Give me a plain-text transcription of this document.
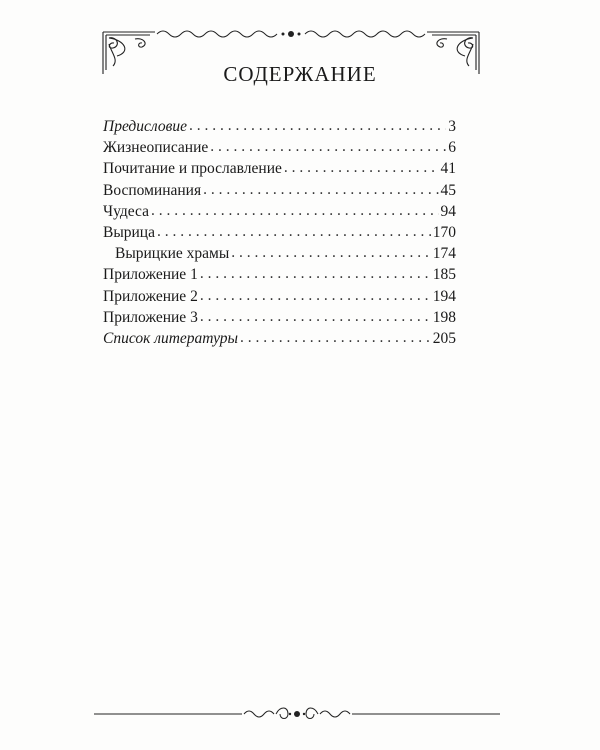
СОДЕРЖАНИЕ
Предисловие . . .	3
Жизнеописание . . .	6
Почитание и прославление . . .	41
Воспоминания . . .	45
Чудеса . . .	94
Вырица . . .	170
Вырицкие храмы . . .	174
Приложение 1 . . .	185
Приложение 2 . . .	194
Приложение 3 . . .	198
Список литературы . . .	205
